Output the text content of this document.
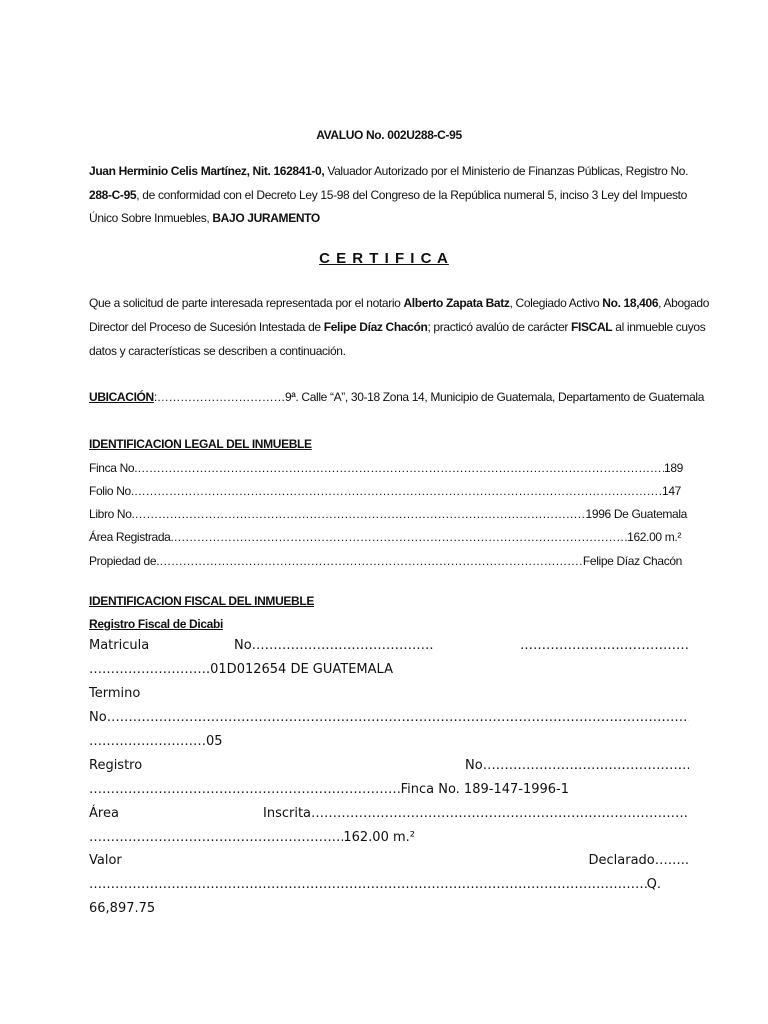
AVALUO No. 002U288-C-95
Juan Herminio Celis Martínez, Nit. 162841-0, Valuador Autorizado por el Ministerio de Finanzas Públicas, Registro No.
288-C-95, de conformidad con el Decreto Ley 15-98 del Congreso de la República numeral 5, inciso 3 Ley del Impuesto
Único Sobre Inmuebles, BAJO JURAMENTO
C E R T I F I C A
Que a solicitud de parte interesada representada por el notario Alberto Zapata Batz, Colegiado Activo No. 18,406, Abogado
Director del Proceso de Sucesión Intestada de Felipe Díaz Chacón; practicó avalúo de carácter FISCAL al inmueble cuyos
datos y características se describen a continuación.
UBICACIÓN:……………………………9ª. Calle “A”, 30-18 Zona 14, Municipio de Guatemala, Departamento de Guatemala
IDENTIFICACION LEGAL DEL INMUEBLE
Finca No. …………………………………………………………………………………………………………………………………………………………………………………………………………………………………………………………………………………	189
Folio No. …………………………………………………………………………………………………………………………………………………………………………………………………………………………………………………………………………………	147
Libro No. …………………………………………………………………………………………………………………………………………………………………………………………………………………………………………………………………………………	1996 De Guatemala
Área Registrada. …………………………………………………………………………………………………………………………………………………………………………………………………………………………………………………………………………………	162.00 m.²
Propiedad de. …………………………………………………………………………………………………………………………………………………………………………………………………………………………………………………………………………………	Felipe Díaz Chacón
IDENTIFICACION FISCAL DEL INMUEBLE
Registro Fiscal de Dicabi
Matricula	No……………………………………	…………………………………
……………………….01D012654 DE GUATEMALA
Termino
No
………………………………………………………………………………………………………………………………………………………………………………………………………
………………………05
Registro	No
………………………………………………………………………………………………………………………………………………………………………………………………………
………………………………………………………………………………………………………………………………………………………………………………………………………
Finca No. 189-147-1996-1
Área	Inscrita
………………………………………………………………………………………………………………………………………………………………………………………………………
………………………………………………………………………………………………………………………………………………………………………………………………………
162.00 m.²
Valor	Declarado……..
………………………………………………………………………………………………………………………………………………………………………………………………………
Q.
66,897.75
